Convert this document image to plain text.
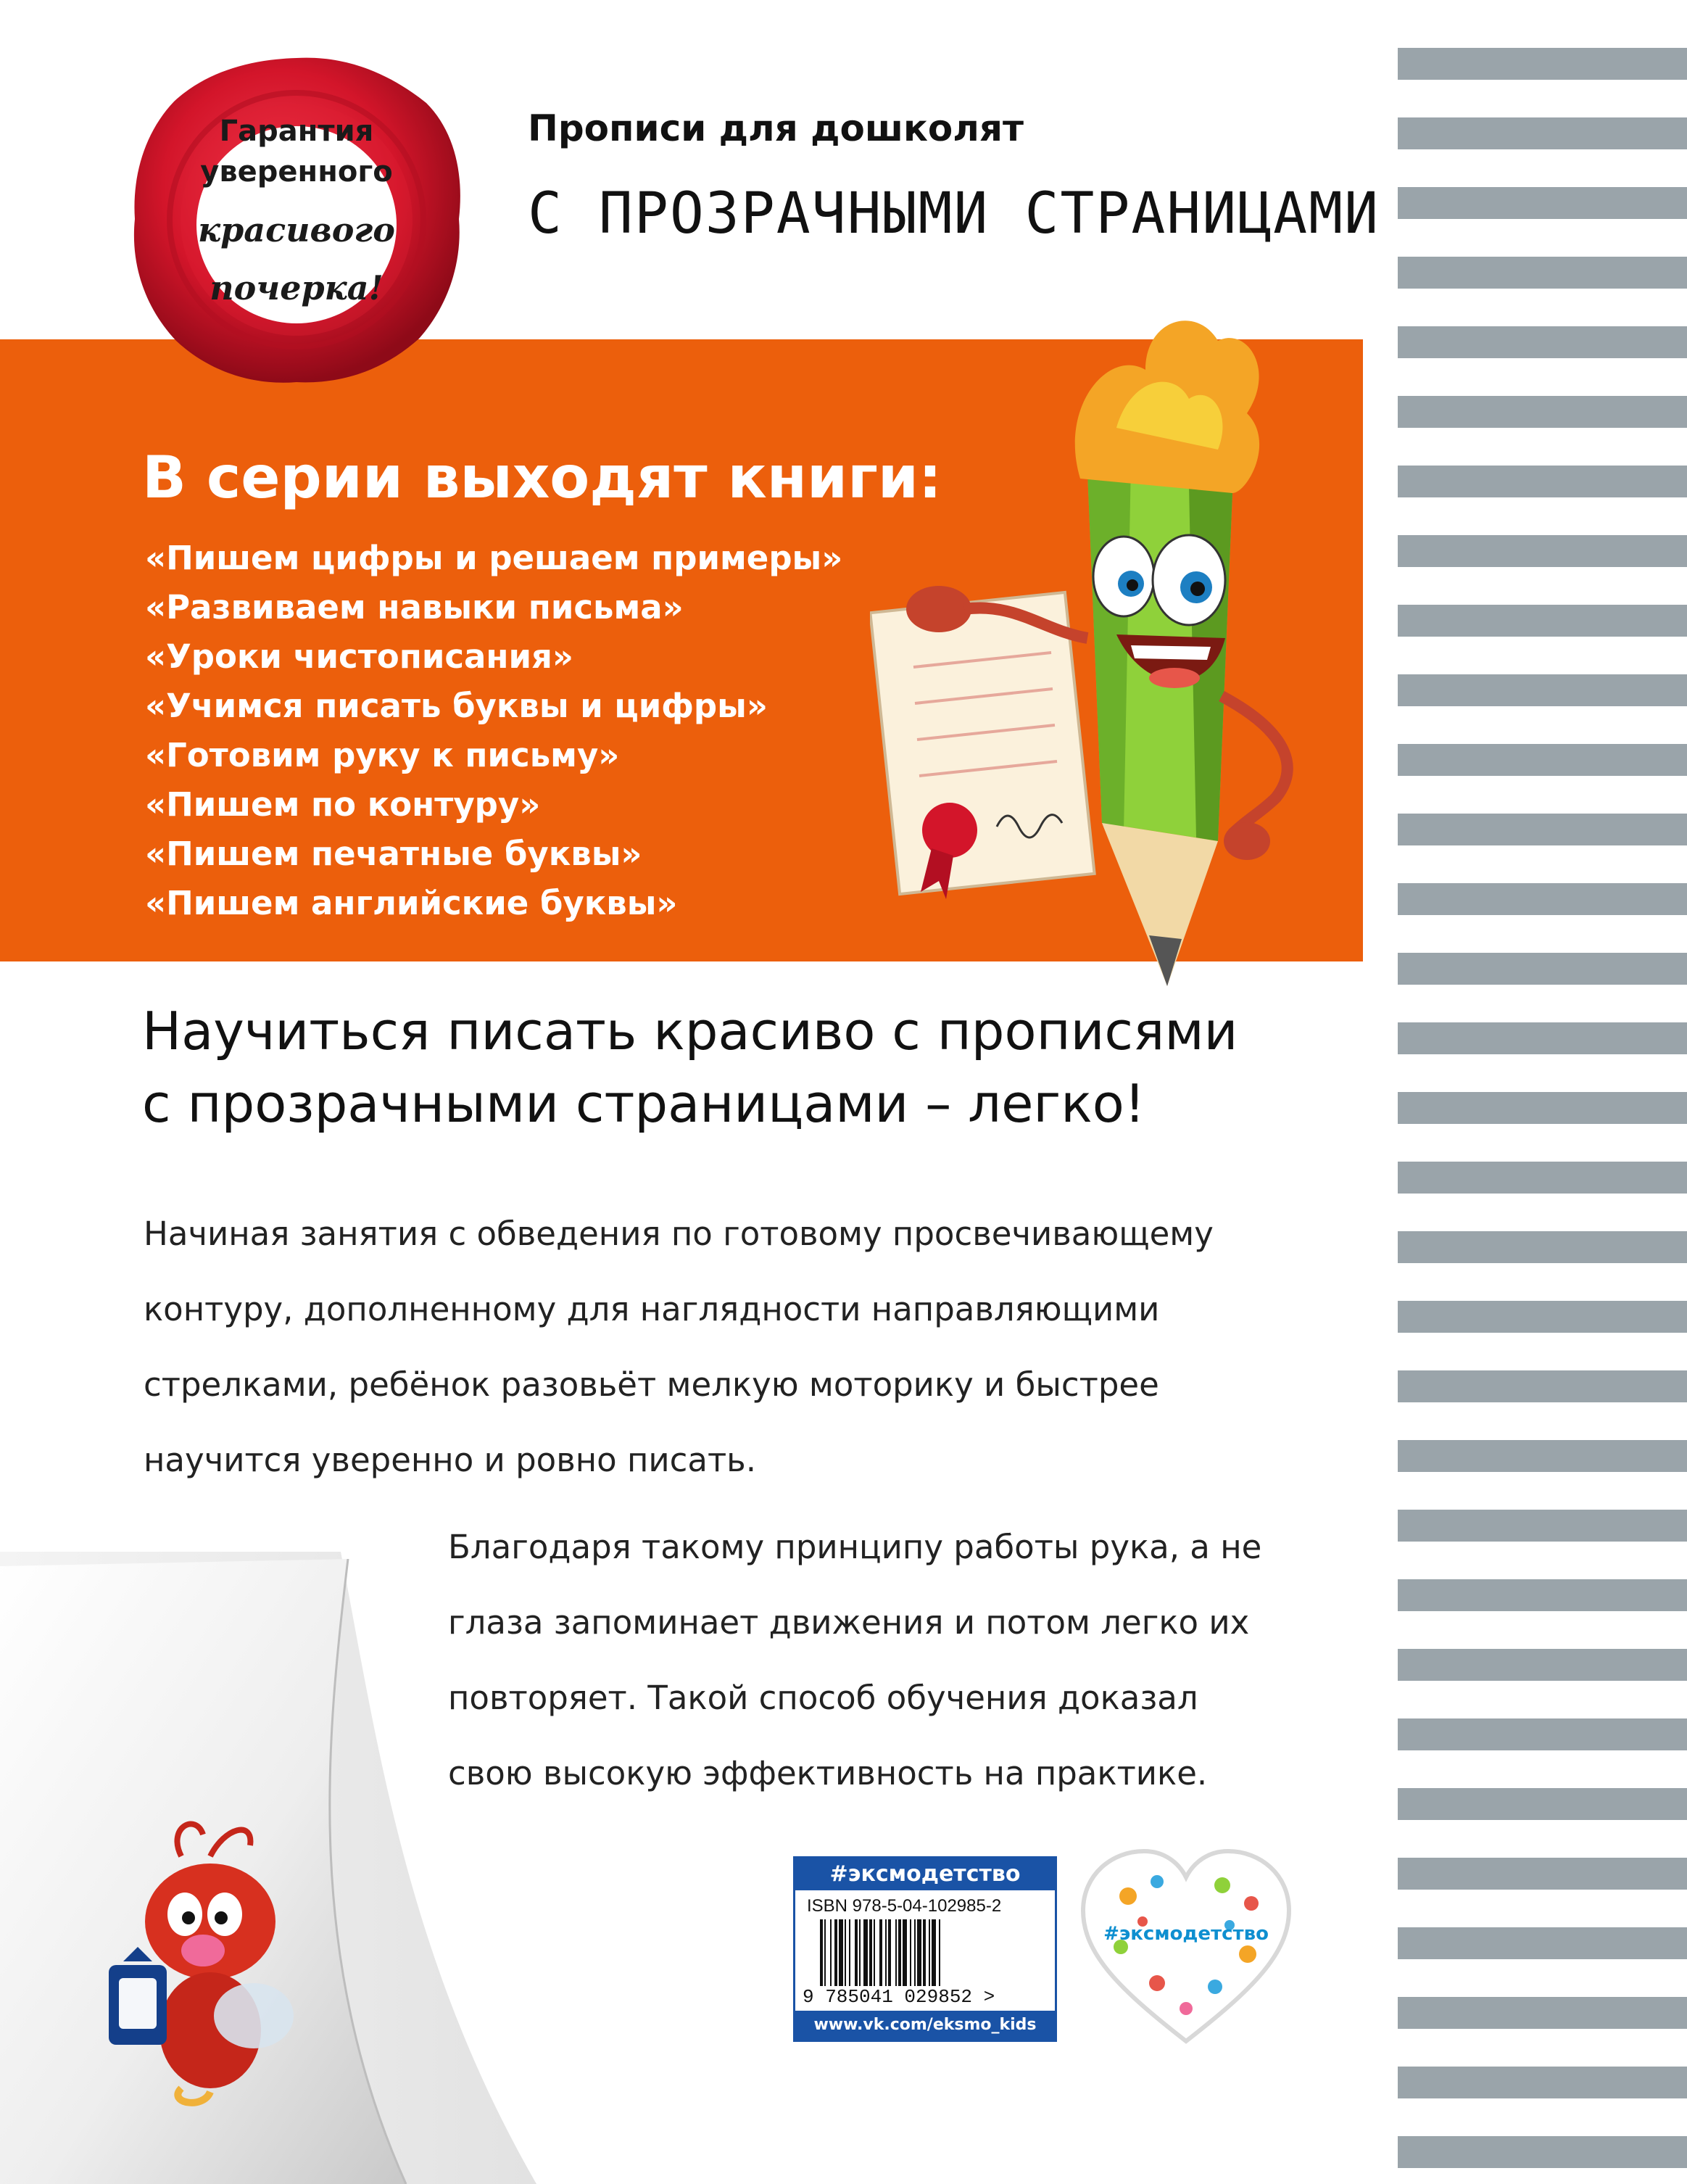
Гарантия
уверенного
красивого
почерка!
Прописи для дошколят
С ПРОЗРАЧНЫМИ СТРАНИЦАМИ
В серии выходят книги:
«Пишем цифры и решаем примеры»
«Развиваем навыки письма»
«Уроки чистописания»
«Учимся писать буквы и цифры»
«Готовим руку к письму»
«Пишем по контуру»
«Пишем печатные буквы»
«Пишем английские буквы»
Научиться писать красиво с прописями
с прозрачными страницами – легко!
Начиная занятия с обведения по готовому просвечивающему
контуру, дополненному для наглядности направляющими
стрелками, ребёнок разовьёт мелкую моторику и быстрее
научится уверенно и ровно писать.
Благодаря такому принципу работы рука, а не
глаза запоминает движения и потом легко их
повторяет. Такой способ обучения доказал
свою высокую эффективность на практике.
#эксмодетство
ISBN 978-5-04-102985-2
9 785041 029852 >
www.vk.com/eksmo_kids
#эксмодетство
